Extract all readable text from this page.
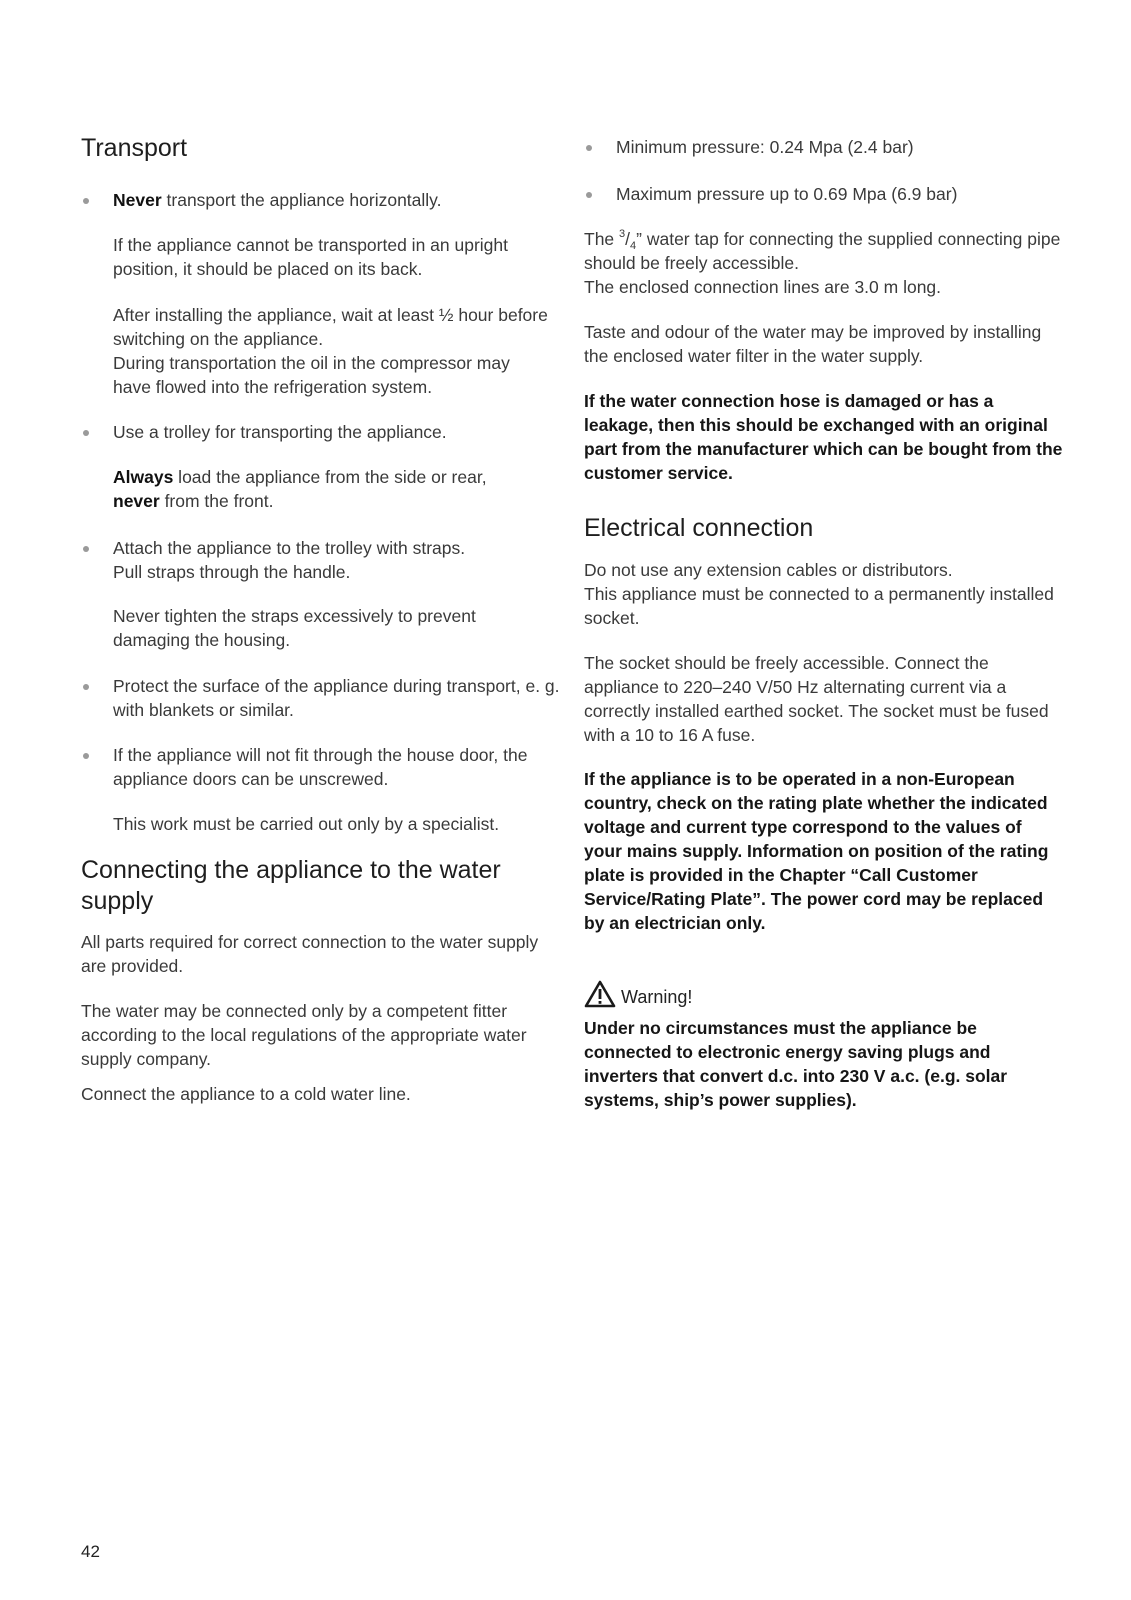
Transport
Never transport the appliance horizontally.

If the appliance cannot be transported in an upright position, it should be placed on its back.

After installing the appliance, wait at least ½ hour before switching on the appliance.

During transportation the oil in the compressor may have flowed into the refrigeration system.

Use a trolley for transporting the appliance.

Always load the appliance from the side or rear,
never from the front.

Attach the appliance to the trolley with straps.
Pull straps through the handle.

Never tighten the straps excessively to prevent damaging the housing.

Protect the surface of the appliance during transport, e. g. with blankets or similar.
If the appliance will not fit through the house door, the appliance doors can be unscrewed.

This work must be carried out only by a specialist.

Connecting the appliance to the water supply

All parts required for correct connection to the water supply are provided.

The water may be connected only by a competent fitter according to the local regulations of the appropriate water supply company.

Connect the appliance to a cold water line.

Minimum pressure: 0.24 Mpa (2.4 bar)
Maximum pressure up to 0.69 Mpa (6.9 bar)

The $^3/_4$” water tap for connecting the supplied connecting pipe should be freely accessible.
The enclosed connection lines are 3.0 m long.

Taste and odour of the water may be improved by installing the enclosed water filter in the water supply.

If the water connection hose is damaged or has a leakage, then this should be exchanged with an original part from the manufacturer which can be bought from the customer service.

Electrical connection

Do not use any extension cables or distributors.
This appliance must be connected to a permanently installed socket.

The socket should be freely accessible. Connect the appliance to 220–240 V/50 Hz alternating current via a correctly installed earthed socket. The socket must be fused with a 10 to 16 A fuse.

If the appliance is to be operated in a non-European country, check on the rating plate whether the indicated voltage and current type correspond to the values of your mains supply. Information on position of the rating plate is provided in the Chapter “Call Customer Service/Rating Plate”. The power cord may be replaced by an electrician only.

Warning!

Under no circumstances must the appliance be connected to electronic energy saving plugs and inverters that convert d.c. into 230 V a.c. (e.g. solar systems, ship’s power supplies).

42
